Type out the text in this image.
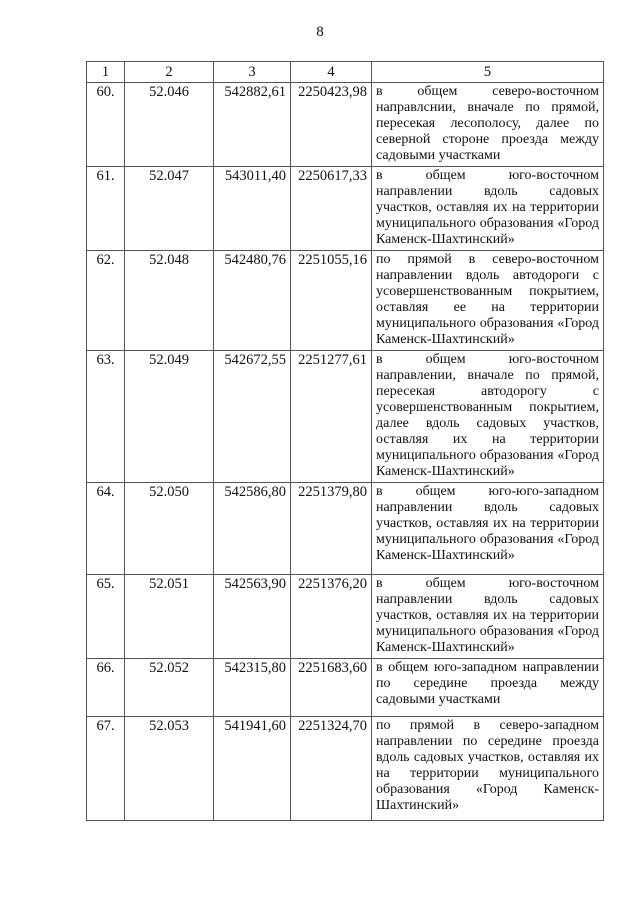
8
1	2	3	4	5
60.	52.046	542882,61	2250423,98	в общем северо-восточном направлснии, вначале по прямой, пересекая лесополосу, далее по северной стороне проезда между садовыми участками
61.	52.047	543011,40	2250617,33	в общем юго-восточном направлении вдоль садовых участков, оставляя их на территории муниципального образования «Город Каменск-Шахтинский»
62.	52.048	542480,76	2251055,16	по прямой в северо-восточном направлении вдоль автодороги с усовершенствованным покрытием, оставляя ее на территории муниципального образования «Город Каменск-Шахтинский»
63.	52.049	542672,55	2251277,61	в общем юго-восточном направлении, вначале по прямой, пересекая автодорогу с усовершенствованным покрытием, далее вдоль садовых участков, оставляя их на территории муниципального образования «Город Каменск-Шахтинский»
64.	52.050	542586,80	2251379,80	в общем юго-юго-западном направлении вдоль садовых участков, оставляя их на территории муниципального образования «Город Каменск-Шахтинский»
65.	52.051	542563,90	2251376,20	в общем юго-восточном направлении вдоль садовых участков, оставляя их на территории муниципального образования «Город Каменск-Шахтинский»
66.	52.052	542315,80	2251683,60	в общем юго-западном направлении по середине проезда между садовыми участками
67.	52.053	541941,60	2251324,70	по прямой в северо-западном направлении по середине проезда вдоль садовых участков, оставляя их на территории муниципального образования «Город Каменск-Шахтинский»
